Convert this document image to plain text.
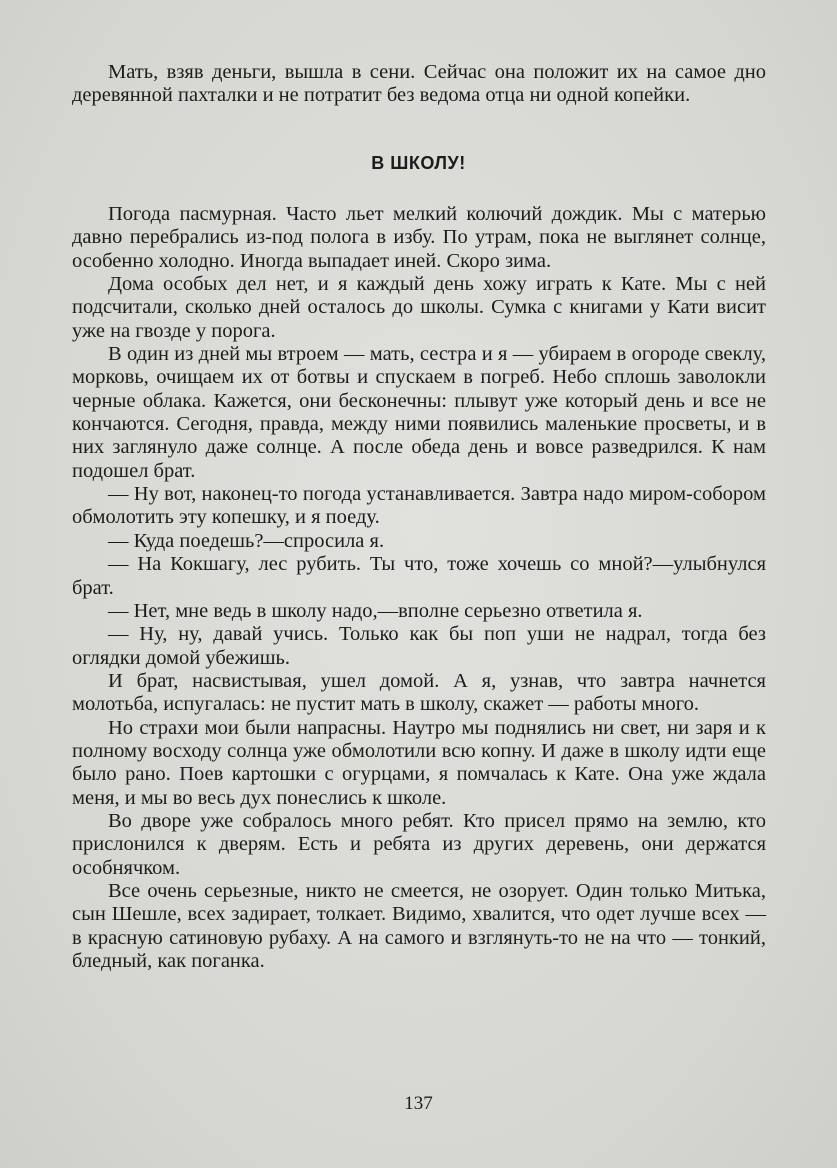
Мать, взяв деньги, вышла в сени. Сейчас она положит их на самое дно деревянной пахталки и не потратит без ведома отца ни одной копейки.

В ШКОЛУ!

Погода пасмурная. Часто льет мелкий колючий дождик. Мы с матерью давно перебрались из-под полога в избу. По утрам, пока не выглянет солнце, особенно холодно. Иногда выпадает иней. Скоро зима.

Дома особых дел нет, и я каждый день хожу играть к Кате. Мы с ней подсчитали, сколько дней осталось до школы. Сумка с книгами у Кати висит уже на гвозде у порога.

В один из дней мы втроем — мать, сестра и я — убираем в огороде свеклу, морковь, очищаем их от ботвы и спускаем в погреб. Небо сплошь заволокли черные облака. Кажется, они бесконечны: плывут уже который день и все не кончаются. Сегодня, правда, между ними появились маленькие просветы, и в них заглянуло даже солнце. А после обеда день и вовсе разведрился. К нам подошел брат.

— Ну вот, наконец-то погода устанавливается. Завтра надо миром-собором обмолотить эту копешку, и я поеду.

— Куда поедешь?—спросила я.

— На Кокшагу, лес рубить. Ты что, тоже хочешь со мной?—улыбнулся брат.

— Нет, мне ведь в школу надо,—вполне серьезно ответила я.

— Ну, ну, давай учись. Только как бы поп уши не надрал, тогда без оглядки домой убежишь.

И брат, насвистывая, ушел домой. А я, узнав, что завтра начнется молотьба, испугалась: не пустит мать в школу, скажет — работы много.

Но страхи мои были напрасны. Наутро мы поднялись ни свет, ни заря и к полному восходу солнца уже обмолотили всю копну. И даже в школу идти еще было рано. Поев картошки с огурцами, я помчалась к Кате. Она уже ждала меня, и мы во весь дух понеслись к школе.

Во дворе уже собралось много ребят. Кто присел прямо на землю, кто прислонился к дверям. Есть и ребята из других деревень, они держатся особнячком.

Все очень серьезные, никто не смеется, не озорует. Один только Митька, сын Шешле, всех задирает, толкает. Видимо, хвалится, что одет лучше всех — в красную сатиновую рубаху. А на самого и взглянуть-то не на что — тонкий, бледный, как поганка.

137
